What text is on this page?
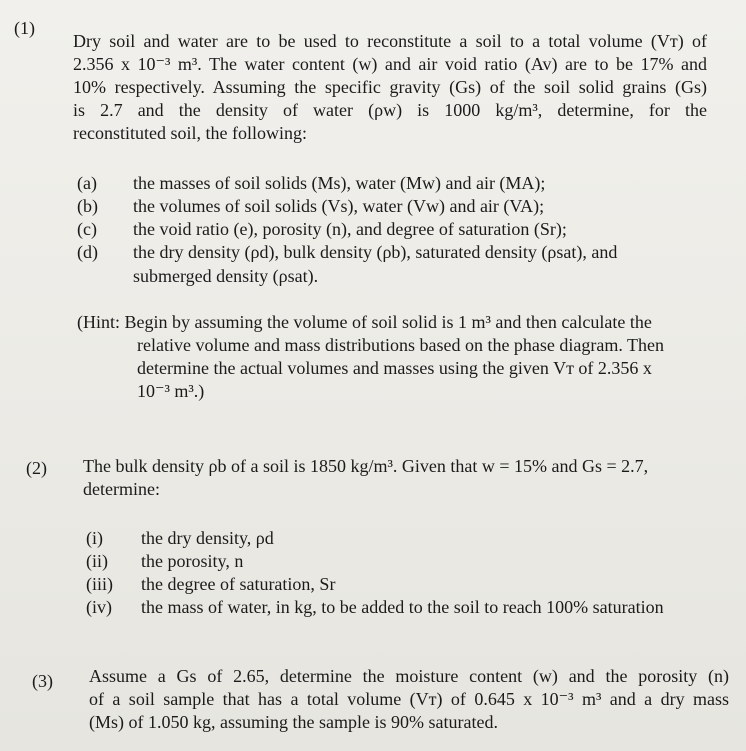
(1)
Dry soil and water are to be used to reconstitute a soil to a total volume (Vᴛ) of
2.356 x 10⁻³ m³. The water content (w) and air void ratio (Av) are to be 17% and
10% respectively. Assuming the specific gravity (Gs) of the soil solid grains (Gs)
is 2.7 and the density of water (ρw) is 1000 kg/m³, determine, for the
reconstituted soil, the following:
(a) the masses of soil solids (Ms), water (Mw) and air (MA);
(b) the volumes of soil solids (Vs), water (Vw) and air (VA);
(c) the void ratio (e), porosity (n), and degree of saturation (Sr);
(d) the dry density (ρd), bulk density (ρb), saturated density (ρsat), and
submerged density (ρsat).
(Hint: Begin by assuming the volume of soil solid is 1 m³ and then calculate the
relative volume and mass distributions based on the phase diagram. Then
determine the actual volumes and masses using the given Vᴛ of 2.356 x
10⁻³ m³.)
(2) The bulk density ρb of a soil is 1850 kg/m³. Given that w = 15% and Gs = 2.7,
determine:
(i) the dry density, ρd
(ii) the porosity, n
(iii) the degree of saturation, Sr
(iv) the mass of water, in kg, to be added to the soil to reach 100% saturation
(3) Assume a Gs of 2.65, determine the moisture content (w) and the porosity (n)
of a soil sample that has a total volume (Vᴛ) of 0.645 x 10⁻³ m³ and a dry mass
(Ms) of 1.050 kg, assuming the sample is 90% saturated.
